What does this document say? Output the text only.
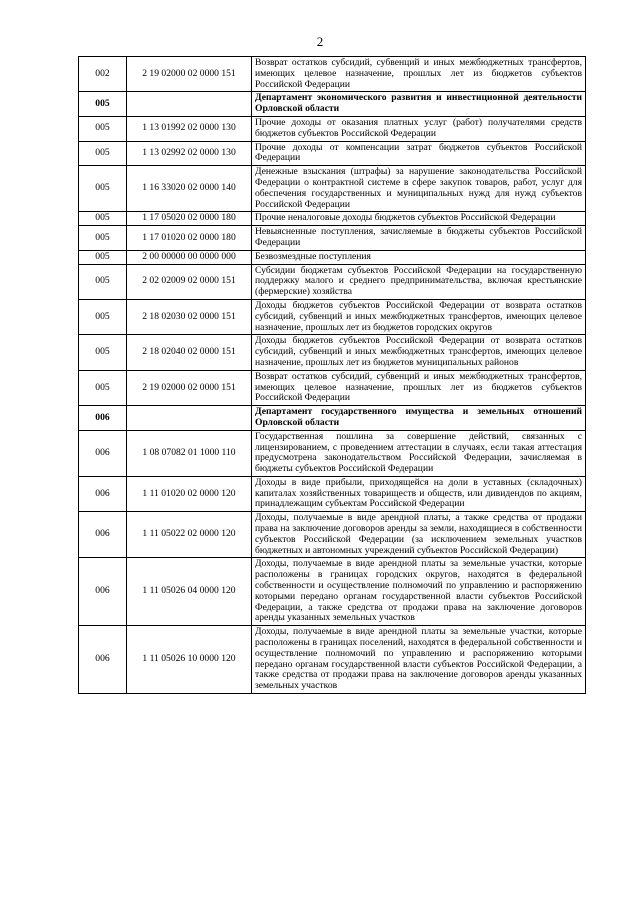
2
002	2 19 02000 02 0000 151	Возврат остатков субсидий, субвенций и иных межбюджетных трансфертов, имеющих целевое назначение, прошлых лет из бюджетов субъектов Российской Федерации
005		Департамент экономического развития и инвестиционной деятельности Орловской области
005	1 13 01992 02 0000 130	Прочие доходы от оказания платных услуг (работ) получателями средств бюджетов субъектов Российской Федерации
005	1 13 02992 02 0000 130	Прочие доходы от компенсации затрат бюджетов субъектов Российской Федерации
005	1 16 33020 02 0000 140	Денежные взыскания (штрафы) за нарушение законодательства Российской Федерации о контрактной системе в сфере закупок товаров, работ, услуг для обеспечения государственных и муниципальных нужд для нужд субъектов Российской Федерации
005	1 17 05020 02 0000 180	Прочие неналоговые доходы бюджетов субъектов Российской Федерации
005	1 17 01020 02 0000 180	Невыясненные поступления, зачисляемые в бюджеты субъектов Российской Федерации
005	2 00 00000 00 0000 000	Безвозмездные поступления
005	2 02 02009 02 0000 151	Субсидии бюджетам субъектов Российской Федерации на государственную поддержку малого и среднего предпринимательства, включая крестьянские (фермерские) хозяйства
005	2 18 02030 02 0000 151	Доходы бюджетов субъектов Российской Федерации от возврата остатков субсидий, субвенций и иных межбюджетных трансфертов, имеющих целевое назначение, прошлых лет из бюджетов городских округов
005	2 18 02040 02 0000 151	Доходы бюджетов субъектов Российской Федерации от возврата остатков субсидий, субвенций и иных межбюджетных трансфертов, имеющих целевое назначение, прошлых лет из бюджетов муниципальных районов
005	2 19 02000 02 0000 151	Возврат остатков субсидий, субвенций и иных межбюджетных трансфертов, имеющих целевое назначение, прошлых лет из бюджетов субъектов Российской Федерации
006		Департамент государственного имущества и земельных отношений Орловской области
006	1 08 07082 01 1000 110	Государственная пошлина за совершение действий, связанных с лицензированием, с проведением аттестации в случаях, если такая аттестация предусмотрена законодательством Российской Федерации, зачисляемая в бюджеты субъектов Российской Федерации
006	1 11 01020 02 0000 120	Доходы в виде прибыли, приходящейся на доли в уставных (складочных) капиталах хозяйственных товариществ и обществ, или дивидендов по акциям, принадлежащим субъектам Российской Федерации
006	1 11 05022 02 0000 120	Доходы, получаемые в виде арендной платы, а также средства от продажи права на заключение договоров аренды за земли, находящиеся в собственности субъектов Российской Федерации (за исключением земельных участков бюджетных и автономных учреждений субъектов Российской Федерации)
006	1 11 05026 04 0000 120	Доходы, получаемые в виде арендной платы за земельные участки, которые расположены в границах городских округов, находятся в федеральной собственности и осуществление полномочий по управлению и распоряжению которыми передано органам государственной власти субъектов Российской Федерации, а также средства от продажи права на заключение договоров аренды указанных земельных участков
006	1 11 05026 10 0000 120	Доходы, получаемые в виде арендной платы за земельные участки, которые расположены в границах поселений, находятся в федеральной собственности и осуществление полномочий по управлению и распоряжению которыми передано органам государственной власти субъектов Российской Федерации, а также средства от продажи права на заключение договоров аренды указанных земельных участков
